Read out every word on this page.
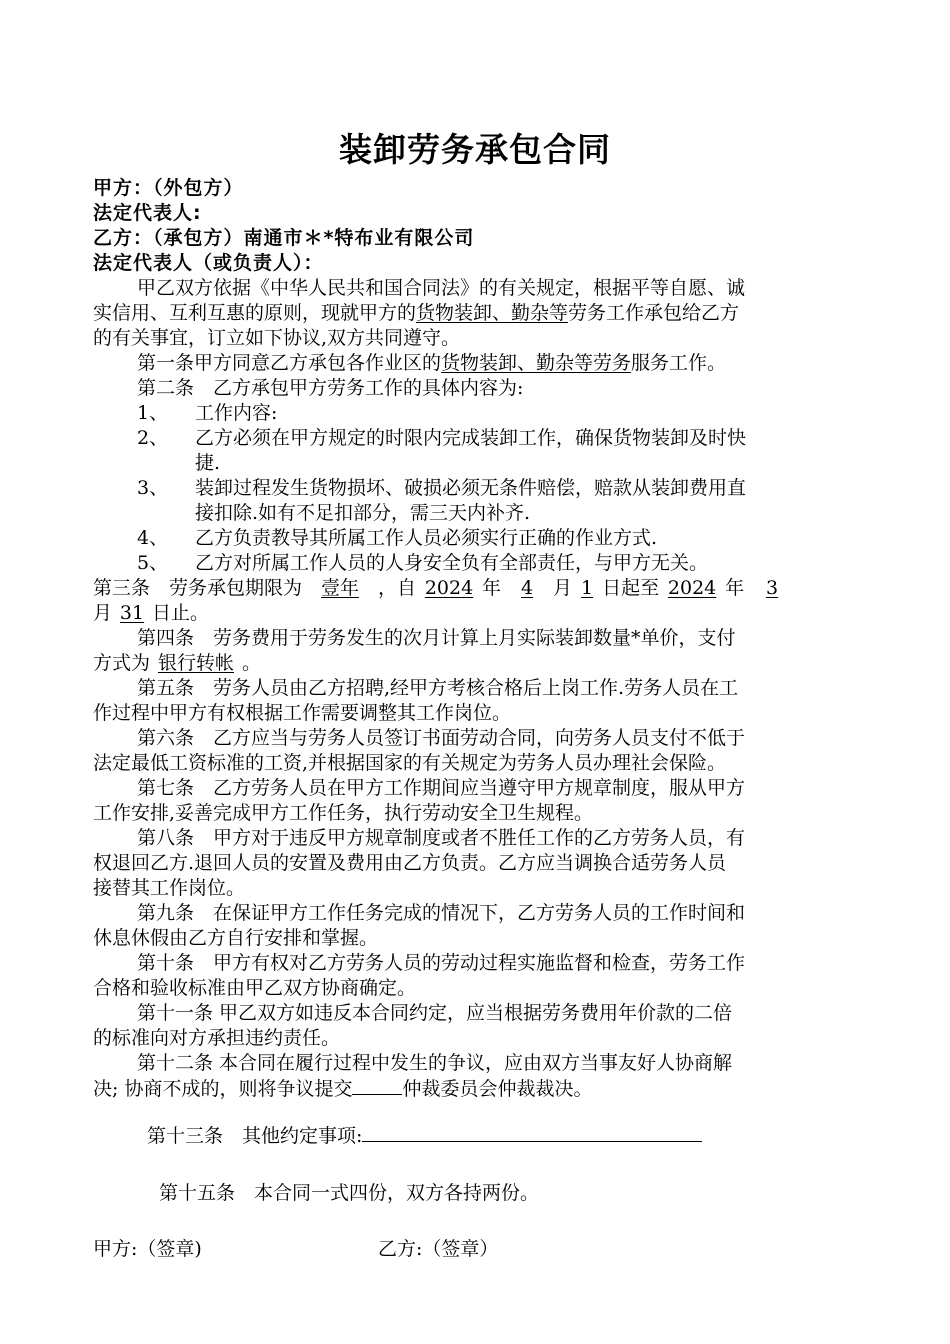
装卸劳务承包合同
甲方：（外包方）
法定代表人:
乙方：（承包方）南通市＊*特布业有限公司
法定代表人（或负责人）：
甲乙双方依据《中华人民共和国合同法》的有关规定，根据平等自愿、诚
实信用、互利互惠的原则，现就甲方的货物装卸、勤杂等劳务工作承包给乙方
的有关事宜，订立如下协议,双方共同遵守。
第一条甲方同意乙方承包各作业区的货物装卸、勤杂等劳务服务工作。
第二条　乙方承包甲方劳务工作的具体内容为:
1、 工作内容:
2、 乙方必须在甲方规定的时限内完成装卸工作，确保货物装卸及时快
捷.
3、 装卸过程发生货物损坏、破损必须无条件赔偿，赔款从装卸费用直
接扣除.如有不足扣部分，需三天内补齐.
4、 乙方负责教导其所属工作人员必须实行正确的作业方式.
5、 乙方对所属工作人员的人身安全负有全部责任，与甲方无关。
第三条　劳务承包期限为 壹年 ，自 2024 年 4 月 1 日起至 2024 年 3
月 31 日止。
第四条　劳务费用于劳务发生的次月计算上月实际装卸数量*单价，支付
方式为 银行转帐 。
第五条　劳务人员由乙方招聘,经甲方考核合格后上岗工作.劳务人员在工
作过程中甲方有权根据工作需要调整其工作岗位。
第六条　乙方应当与劳务人员签订书面劳动合同，向劳务人员支付不低于
法定最低工资标准的工资,并根据国家的有关规定为劳务人员办理社会保险。
第七条　乙方劳务人员在甲方工作期间应当遵守甲方规章制度，服从甲方
工作安排,妥善完成甲方工作任务，执行劳动安全卫生规程。
第八条　甲方对于违反甲方规章制度或者不胜任工作的乙方劳务人员，有
权退回乙方.退回人员的安置及费用由乙方负责。乙方应当调换合适劳务人员
接替其工作岗位。
第九条　在保证甲方工作任务完成的情况下，乙方劳务人员的工作时间和
休息休假由乙方自行安排和掌握。
第十条　甲方有权对乙方劳务人员的劳动过程实施监督和检查，劳务工作
合格和验收标准由甲乙双方协商确定。
第十一条 甲乙双方如违反本合同约定，应当根据劳务费用年价款的二倍
的标准向对方承担违约责任。
第十二条 本合同在履行过程中发生的争议，应由双方当事友好人协商解
决; 协商不成的，则将争议提交	仲裁委员会仲裁裁决。
第十三条　其他约定事项:
第十五条　本合同一式四份，双方各持两份。
甲方:（签章)	乙方:（签章）
